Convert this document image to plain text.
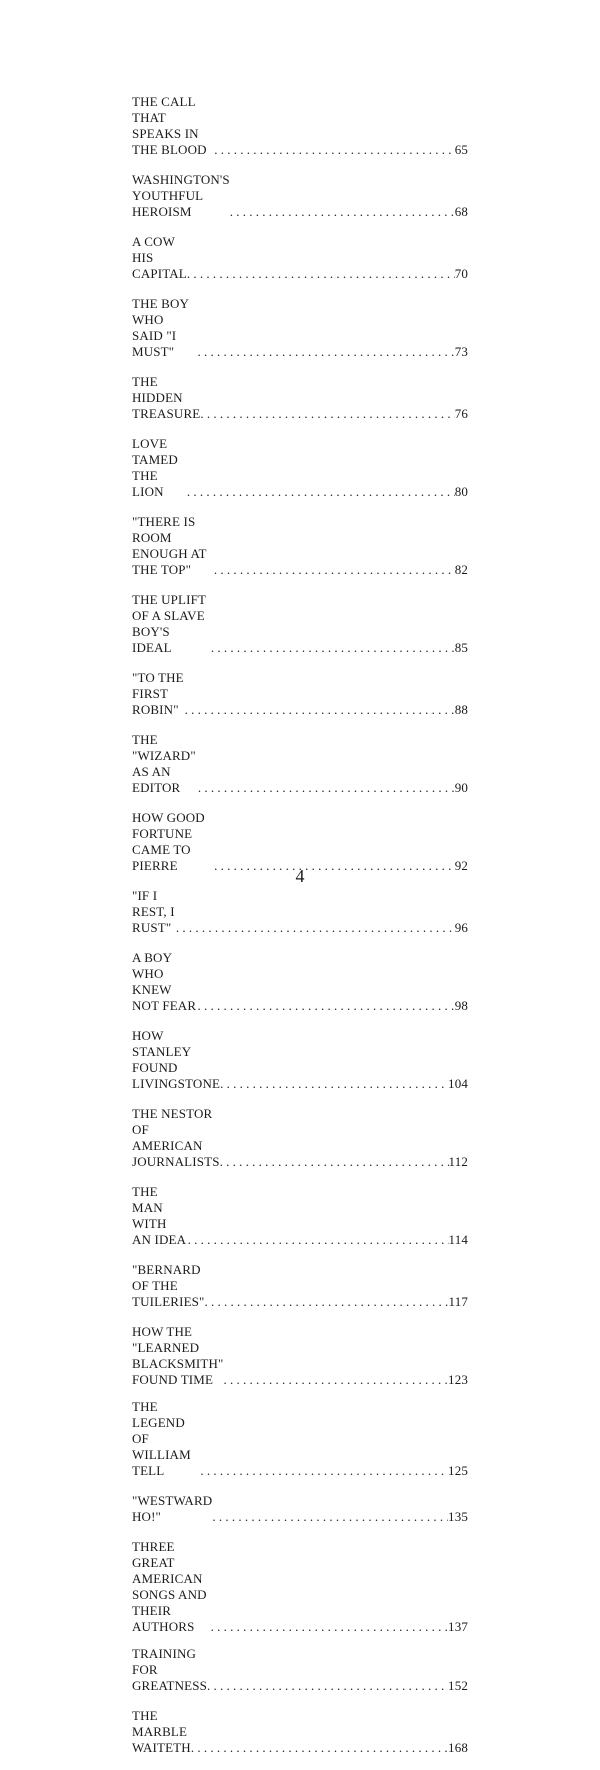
THE CALL THAT SPEAKS IN THE BLOOD . . .	65
WASHINGTON'S YOUTHFUL HEROISM . . .	68
A COW HIS CAPITAL . . .	70
THE BOY WHO SAID "I MUST" . . .	73
THE HIDDEN TREASURE . . .	76
LOVE TAMED THE LION . . .	80
"THERE IS ROOM ENOUGH AT THE TOP" . . .	82
THE UPLIFT OF A SLAVE BOY'S IDEAL . . .	85
"TO THE FIRST ROBIN" . . .	88
THE "WIZARD" AS AN EDITOR . . .	90
HOW GOOD FORTUNE CAME TO PIERRE . . .	92
"IF I REST, I RUST" . . .	96
A BOY WHO KNEW NOT FEAR . . .	98
HOW STANLEY FOUND LIVINGSTONE . . .	104
THE NESTOR OF AMERICAN JOURNALISTS . . .	112
THE MAN WITH AN IDEA . . .	114
"BERNARD OF THE TUILERIES" . . .	117
HOW THE "LEARNED BLACKSMITH"
FOUND TIME . . .	123
THE LEGEND OF WILLIAM TELL . . .	125
"WESTWARD HO!" . . .	135
THREE GREAT AMERICAN SONGS AND
THEIR AUTHORS . . .	137
TRAINING FOR GREATNESS . . .	152
THE MARBLE WAITETH . . .	168
4
